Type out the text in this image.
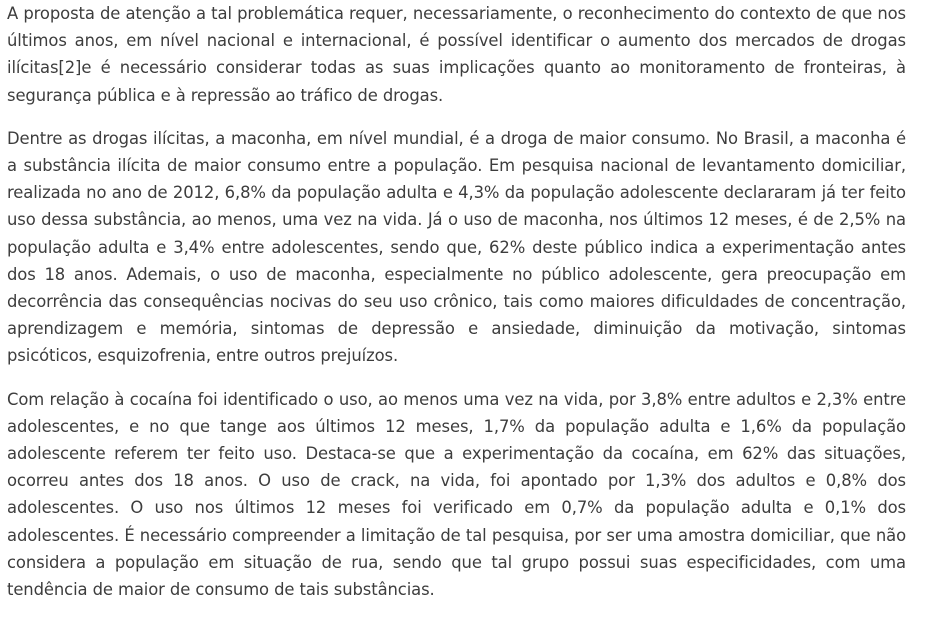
A proposta de atenção a tal problemática requer, necessariamente, o reconhecimento do contexto de que nos últimos anos, em nível nacional e internacional, é possível identificar o aumento dos mercados de drogas ilícitas[2]e é necessário considerar todas as suas implicações quanto ao monitoramento de fronteiras, à segurança pública e à repressão ao tráfico de drogas.

Dentre as drogas ilícitas, a maconha, em nível mundial, é a droga de maior consumo. No Brasil, a maconha é a substância ilícita de maior consumo entre a população. Em pesquisa nacional de levantamento domiciliar, realizada no ano de 2012, 6,8% da população adulta e 4,3% da população adolescente declararam já ter feito uso dessa substância, ao menos, uma vez na vida. Já o uso de maconha, nos últimos 12 meses, é de 2,5% na população adulta e 3,4% entre adolescentes, sendo que, 62% deste público indica a experimentação antes dos 18 anos. Ademais, o uso de maconha, especialmente no público adolescente, gera preocupação em decorrência das consequências nocivas do seu uso crônico, tais como maiores dificuldades de concentração, aprendizagem e memória, sintomas de depressão e ansiedade, diminuição da motivação, sintomas psicóticos, esquizofrenia, entre outros prejuízos.

Com relação à cocaína foi identificado o uso, ao menos uma vez na vida, por 3,8% entre adultos e 2,3% entre adolescentes, e no que tange aos últimos 12 meses, 1,7% da população adulta e 1,6% da população adolescente referem ter feito uso. Destaca-se que a experimentação da cocaína, em 62% das situações, ocorreu antes dos 18 anos. O uso de crack, na vida, foi apontado por 1,3% dos adultos e 0,8% dos adolescentes. O uso nos últimos 12 meses foi verificado em 0,7% da população adulta e 0,1% dos adolescentes. É necessário compreender a limitação de tal pesquisa, por ser uma amostra domiciliar, que não considera a população em situação de rua, sendo que tal grupo possui suas especificidades, com uma tendência de maior de consumo de tais substâncias.
